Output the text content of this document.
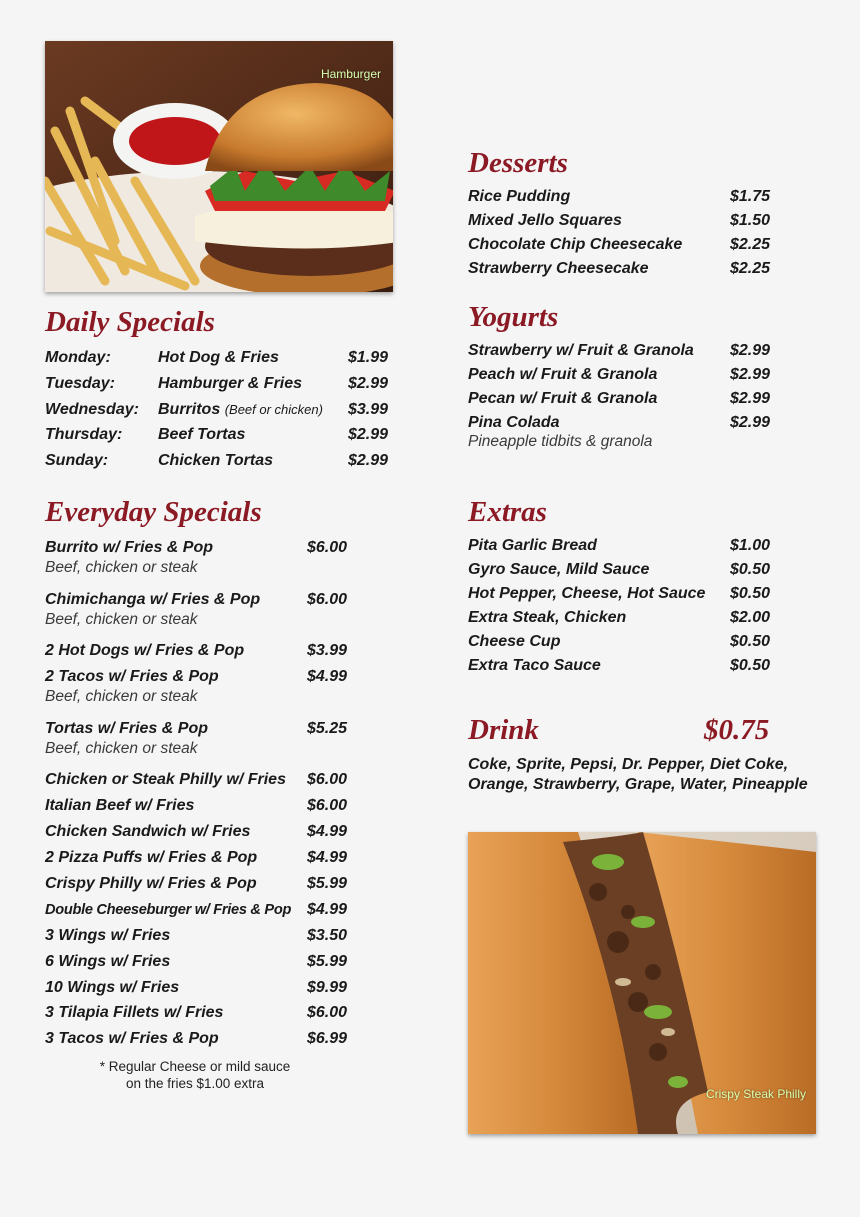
Hamburger
Daily Specials
Monday:	Hot Dog & Fries	$1.99
Tuesday:	Hamburger & Fries	$2.99
Wednesday: Burritos (Beef or chicken) $3.99
Thursday: Beef Tortas	$2.99
Sunday:	Chicken Tortas	$2.99
Everyday Specials
Burrito w/ Fries & Pop	$6.00
Beef, chicken or steak
Chimichanga w/ Fries & Pop	$6.00
Beef, chicken or steak
2 Hot Dogs w/ Fries & Pop	$3.99
2 Tacos w/ Fries & Pop	$4.99
Beef, chicken or steak
Tortas w/ Fries & Pop	$5.25
Beef, chicken or steak
Chicken or Steak Philly w/ Fries $6.00
Italian Beef w/ Fries	$6.00
Chicken Sandwich w/ Fries	$4.99
2 Pizza Puffs w/ Fries & Pop	$4.99
Crispy Philly w/ Fries & Pop	$5.99
Double Cheeseburger w/ Fries & Pop $4.99
3 Wings w/ Fries	$3.50
6 Wings w/ Fries	$5.99
10 Wings w/ Fries	$9.99
3 Tilapia Fillets w/ Fries	$6.00
3 Tacos w/ Fries & Pop	$6.99
* Regular Cheese or mild sauce
on the fries $1.00 extra
Desserts
Rice Pudding	$1.75
Mixed Jello Squares	$1.50
Chocolate Chip Cheesecake	$2.25
Strawberry Cheesecake	$2.25
Yogurts
Strawberry w/ Fruit & Granola $2.99
Peach w/ Fruit & Granola	$2.99
Pecan w/ Fruit & Granola	$2.99
Pina Colada	$2.99
Pineapple tidbits & granola
Extras
Pita Garlic Bread	$1.00
Gyro Sauce, Mild Sauce	$0.50
Hot Pepper, Cheese, Hot Sauce $0.50
Extra Steak, Chicken	$2.00
Cheese Cup	$0.50
Extra Taco Sauce	$0.50
Drink	$0.75
Coke, Sprite, Pepsi, Dr. Pepper, Diet Coke,
Orange, Strawberry, Grape, Water, Pineapple
Crispy Steak Philly
